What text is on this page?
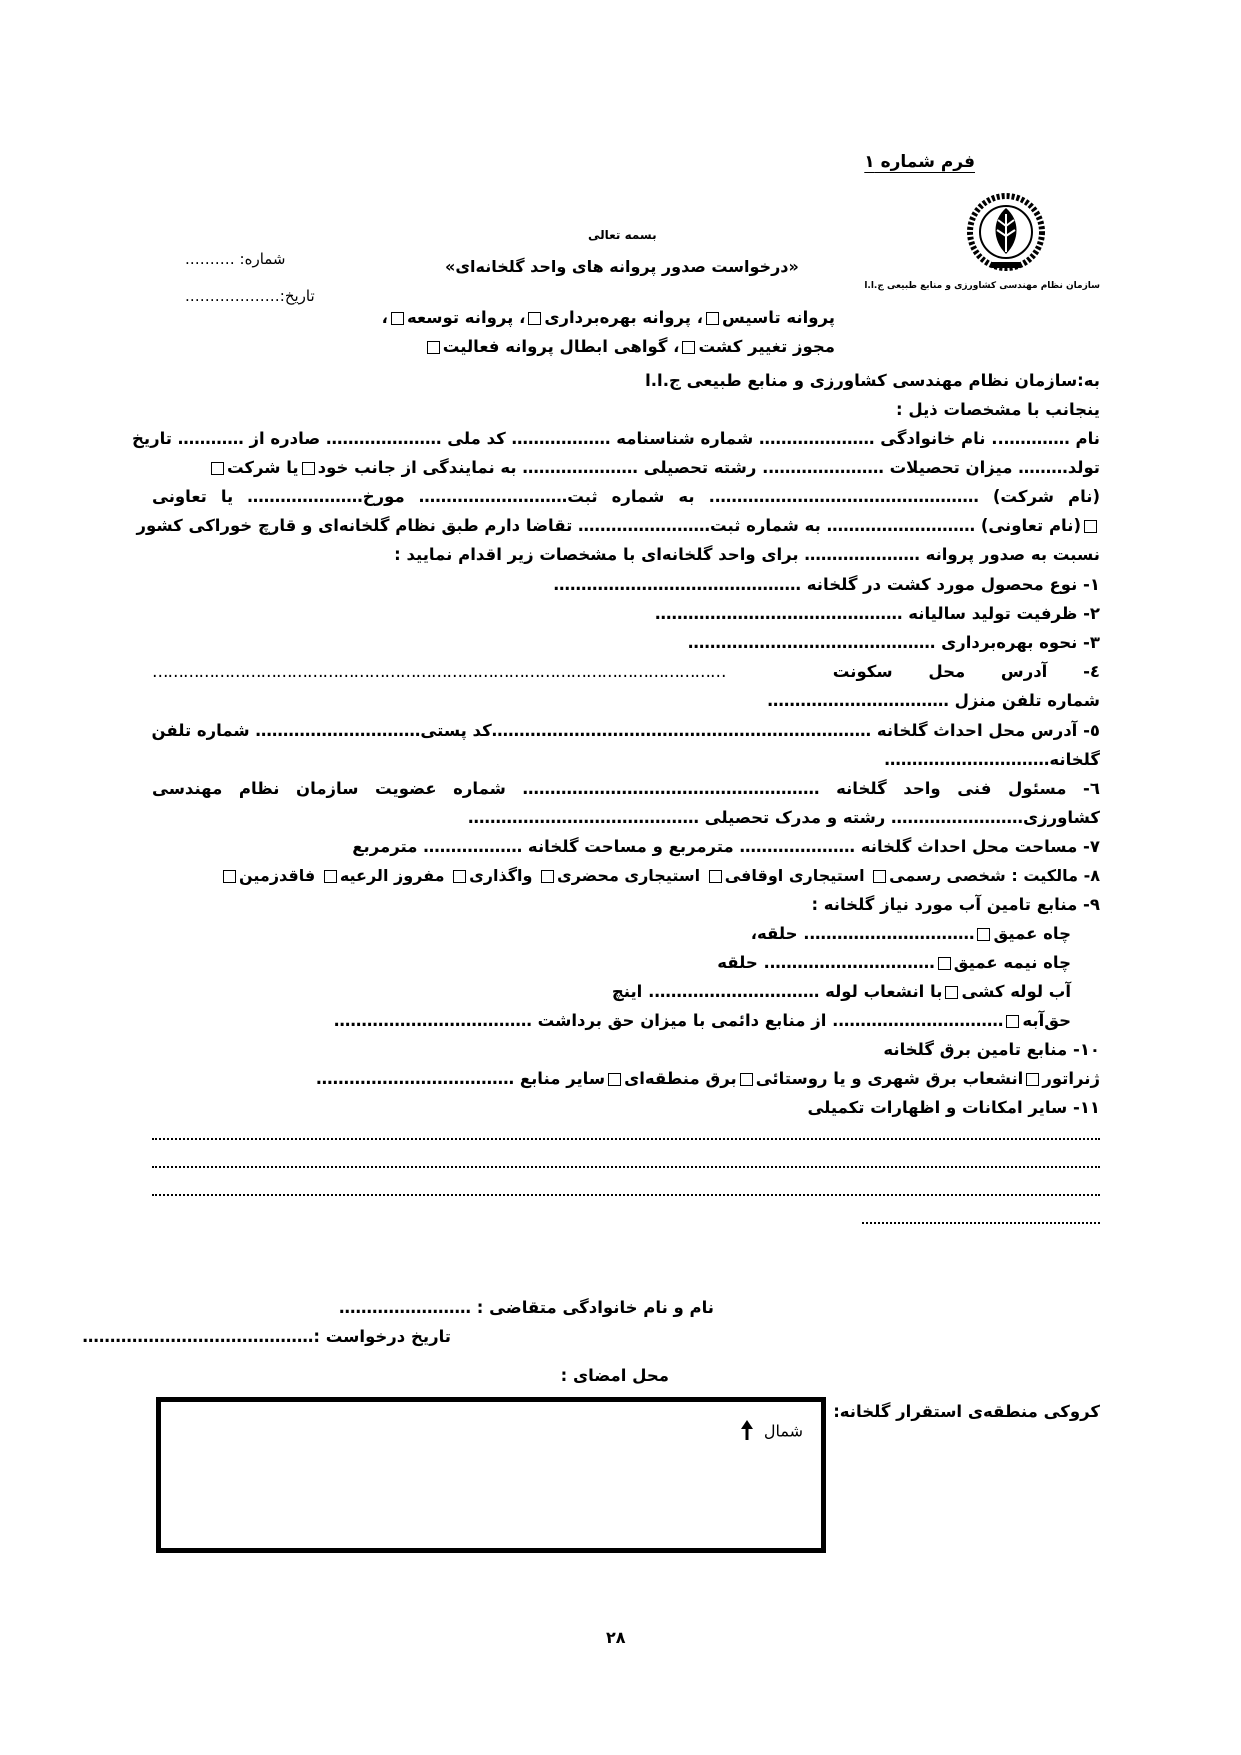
فرم شماره ۱
سازمان نظام مهندسی کشاورزی و منابع طبیعی ج.ا.ا
بسمه تعالی
«درخواست صدور پروانه های واحد گلخانه‌ای»
شماره: ……….
تاریخ:……………….
پروانه تاسیس، پروانه بهره‌برداری، پروانه توسعه،
مجوز تغییر کشت، گواهی ابطال پروانه فعالیت
به:سازمان نظام مهندسی کشاورزی و منابع طبیعی ج.ا.ا
ینجانب با مشخصات ذیل :
نام ………….. نام خانوادگی ………………… شماره شناسنامه ……………… کد ملی ………………… صادره از ………… تاریخ
تولد……… میزان تحصیلات …………………. رشته تحصیلی ………………… به نمایندگی از جانب خودیا شرکت
(نام شرکت) …………………………………………. به شماره ثبت……………………… مورخ………………… یا تعاونی
(نام تعاونی) ……………………… به شماره ثبت…………………… تقاضا دارم طبق نظام گلخانه‌ای و قارچ خوراکی کشور
نسبت به صدور پروانه ………………… برای واحد گلخانه‌ای با مشخصات زیر اقدام نمایید :
۱- نوع محصول مورد کشت در گلخانه ………………………………………
۲- ظرفیت تولید سالیانه ………………………………………
۳- نحوه بهره‌برداری ………………………………………
٤- آدرس محل سکونت
…………………………………………………………………………………………………
شماره تلفن منزل ……………………………
٥- آدرس محل احداث گلخانه ……………………………………………………………کد پستی………………………… شماره تلفن
گلخانه…………………………
٦- مسئول فنی واحد گلخانه ……………………………………………… شماره عضویت سازمان نظام مهندسی
کشاورزی…………………… رشته و مدرک تحصیلی ……………………………………
۷- مساحت محل احداث گلخانه ………………… مترمربع و مساحت گلخانه ……………… مترمربع
۸- مالکیت : شخصی رسمی استیجاری اوقافی استیجاری محضری واگذاری مفروز الرعیه فاقدزمین
۹- منابع تامین آب مورد نیاز گلخانه :
چاه عمیق…………………………. حلقه،
چاه نیمه عمیق…………………………. حلقه
آب لوله کشیبا انشعاب لوله …………………………. اینچ
حق‌آبه…………………………. از منابع دائمی با میزان حق برداشت ………………………………
۱۰- منابع تامین برق گلخانه
ژنراتورانشعاب برق شهری و یا روستائیبرق منطقه‌ایسایر منابع ………………………………
۱۱- سایر امکانات و اظهارات تکمیلی
نام و نام خانوادگی متقاضی : ……………………
تاریخ درخواست :……………………………………
محل امضای :
کروکی منطقه‌ی استقرار گلخانه:
شمال
۲۸
